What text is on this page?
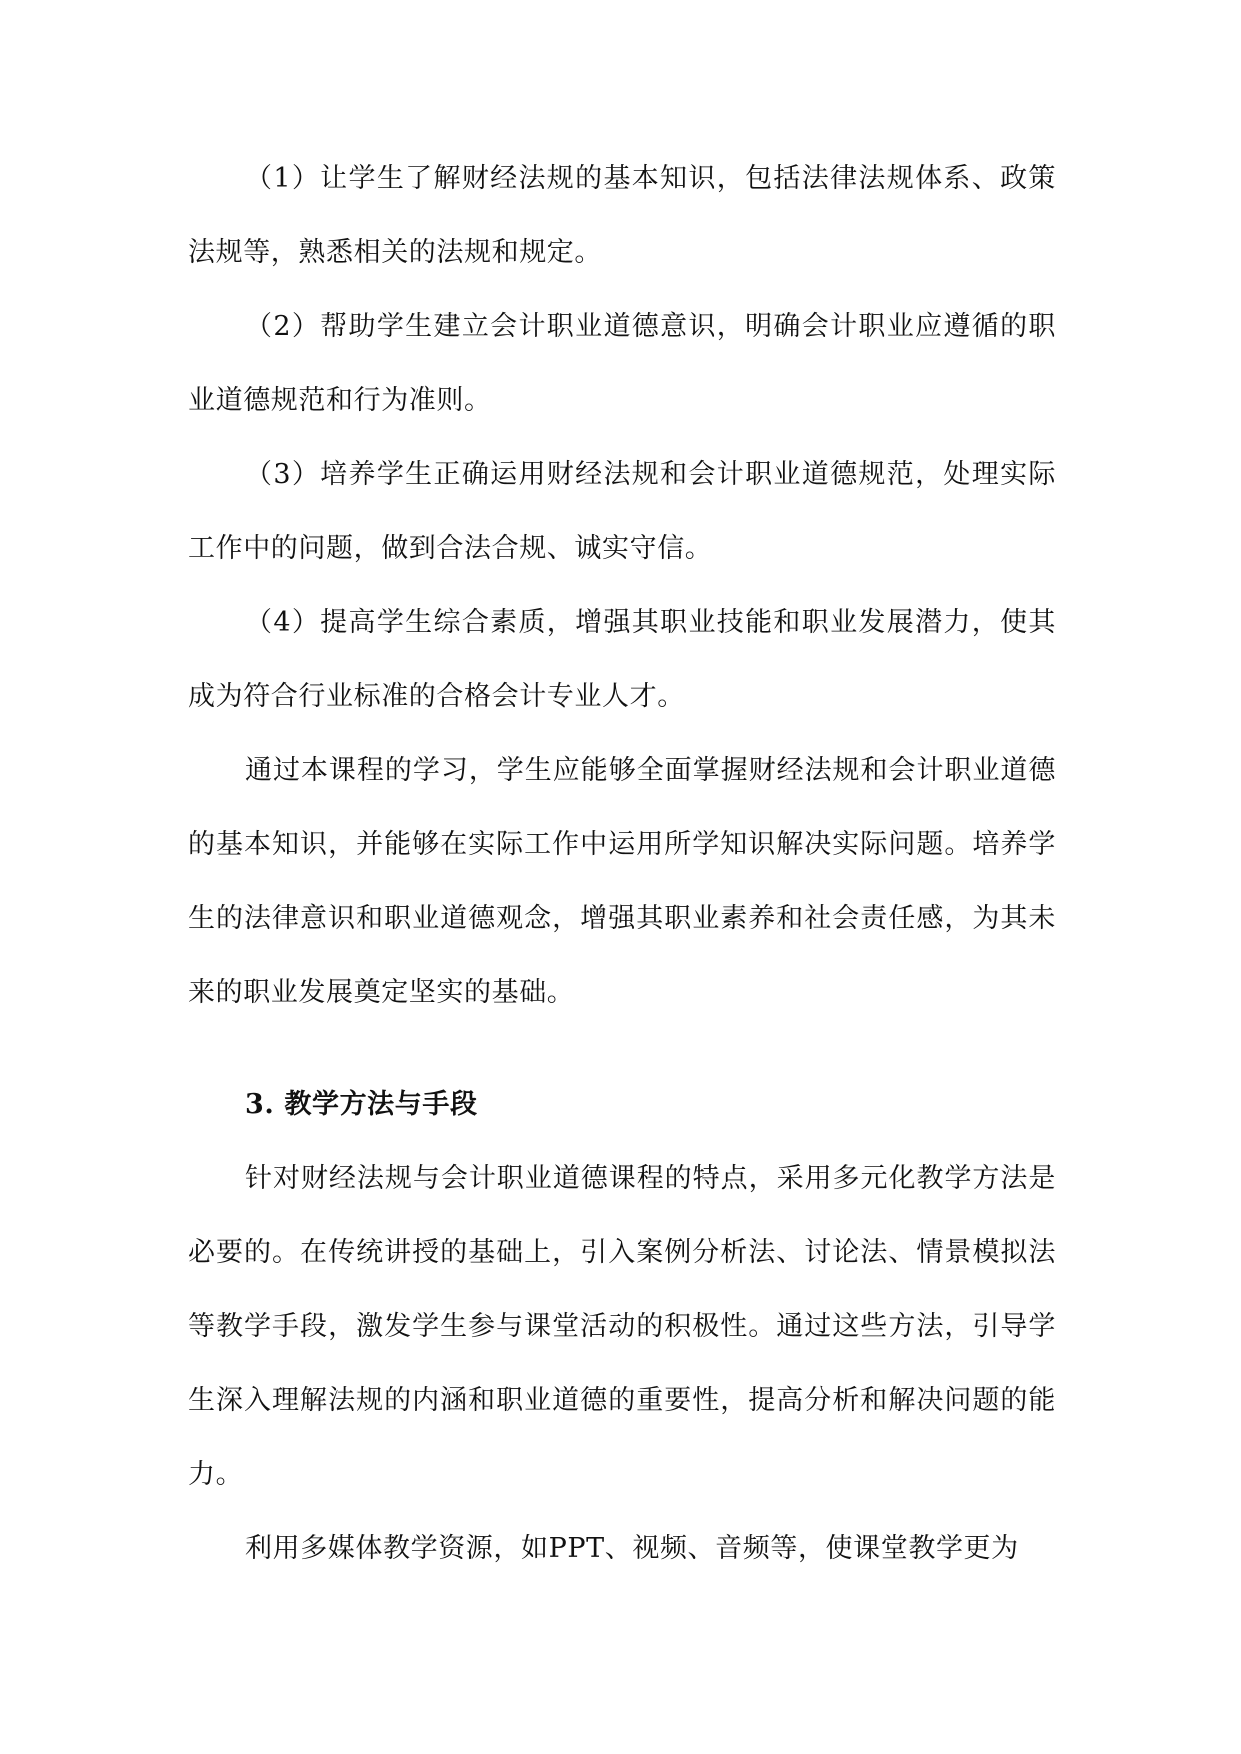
（1）让学生了解财经法规的基本知识，包括法律法规体系、政策法规等，熟悉相关的法规和规定。

（2）帮助学生建立会计职业道德意识，明确会计职业应遵循的职业道德规范和行为准则。

（3）培养学生正确运用财经法规和会计职业道德规范，处理实际工作中的问题，做到合法合规、诚实守信。

（4）提高学生综合素质，增强其职业技能和职业发展潜力，使其成为符合行业标准的合格会计专业人才。

通过本课程的学习，学生应能够全面掌握财经法规和会计职业道德的基本知识，并能够在实际工作中运用所学知识解决实际问题。培养学生的法律意识和职业道德观念，增强其职业素养和社会责任感，为其未来的职业发展奠定坚实的基础。

3. 教学方法与手段

针对财经法规与会计职业道德课程的特点，采用多元化教学方法是必要的。在传统讲授的基础上，引入案例分析法、讨论法、情景模拟法等教学手段，激发学生参与课堂活动的积极性。通过这些方法，引导学生深入理解法规的内涵和职业道德的重要性，提高分析和解决问题的能力。

利用多媒体教学资源，如PPT、视频、音频等，使课堂教学更为
